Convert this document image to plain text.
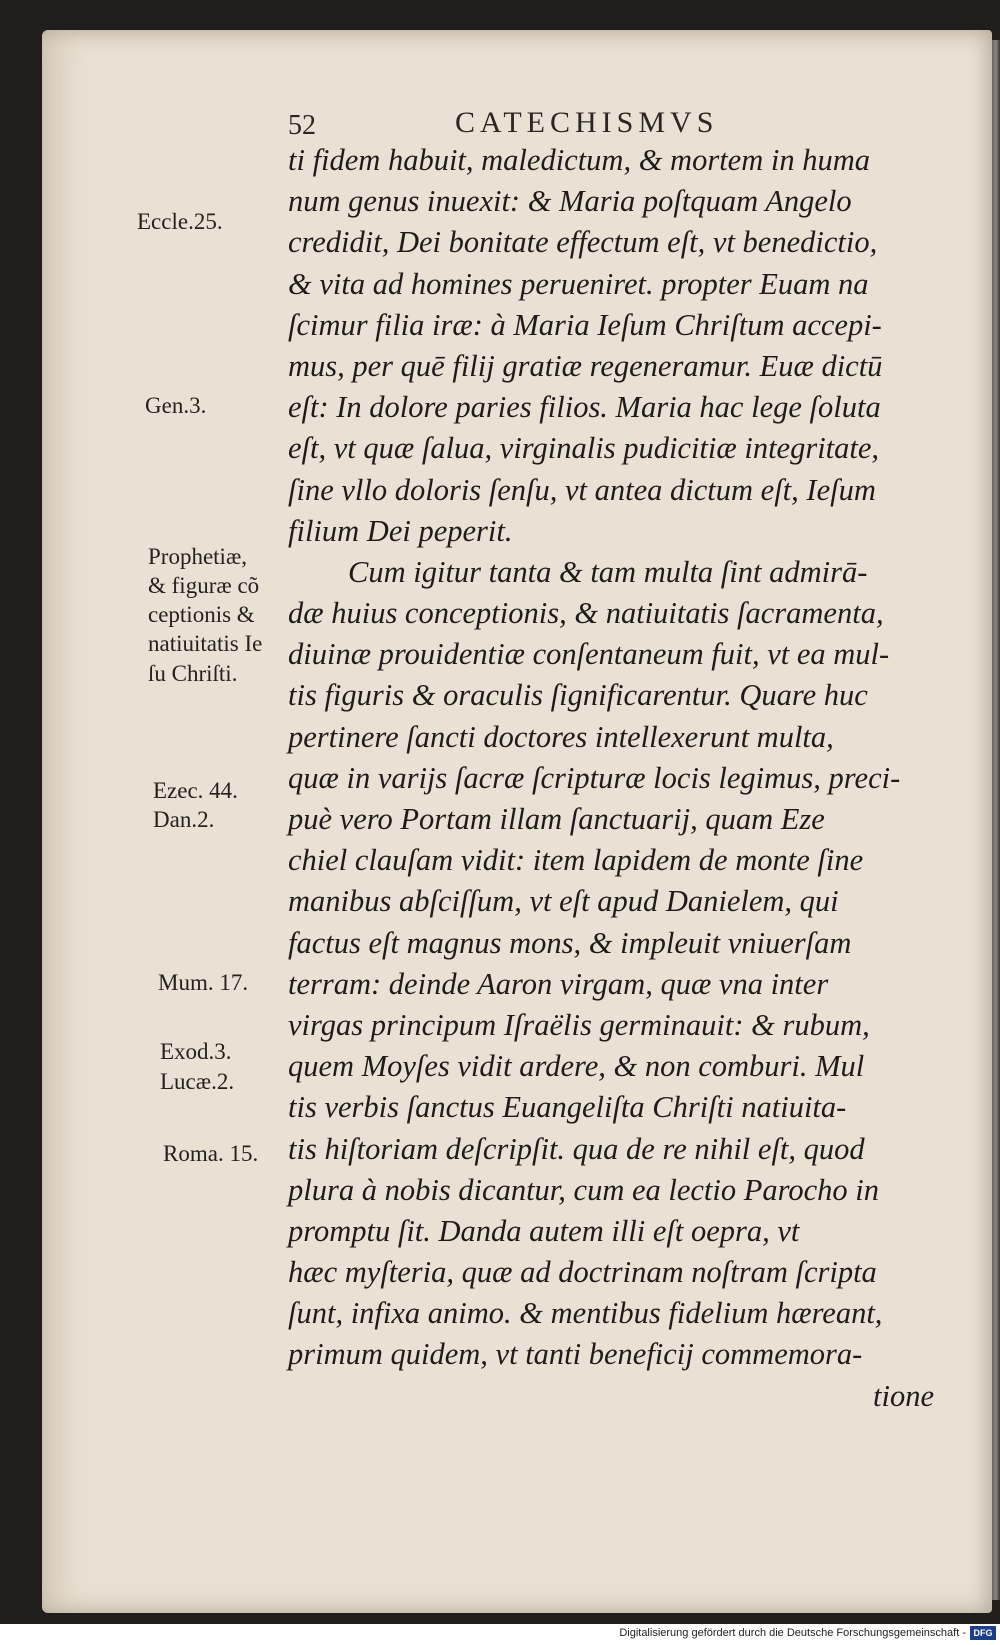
52	CATECHISMVS
Eccle.25.
Gen.3.
Prophetiæ,
& figuræ cõ
ceptionis &
natiuitatis Ie
ſu Chriſti.
Ezec. 44.
Dan.2.
Mum. 17.
Exod.3.
Lucæ.2.
Roma. 15.
ti fidem habuit, maledictum, & mortem in huma
num genus inuexit: & Maria poſtquam Angelo
credidit, Dei bonitate effectum eſt, vt benedictio,
& vita ad homines perueniret. propter Euam na
ſcimur filia iræ: à Maria Ieſum Chriſtum accepi-
mus, per quē filij gratiæ regeneramur. Euæ dictū
eſt: In dolore paries filios. Maria hac lege ſoluta
eſt, vt quæ ſalua, virginalis pudicitiæ integritate,
ſine vllo doloris ſenſu, vt antea dictum eſt, Ieſum
filium Dei peperit.
Cum igitur tanta & tam multa ſint admirā-
dæ huius conceptionis, & natiuitatis ſacramenta,
diuinæ prouidentiæ conſentaneum fuit, vt ea mul-
tis figuris & oraculis ſignificarentur. Quare huc
pertinere ſancti doctores intellexerunt multa,
quæ in varijs ſacræ ſcripturæ locis legimus, preci-
puè vero Portam illam ſanctuarij, quam Eze
chiel clauſam vidit: item lapidem de monte ſine
manibus abſciſſum, vt eſt apud Danielem, qui
factus eſt magnus mons, & impleuit vniuerſam
terram: deinde Aaron virgam, quæ vna inter
virgas principum Iſraëlis germinauit: & rubum,
quem Moyſes vidit ardere, & non comburi. Mul
tis verbis ſanctus Euangeliſta Chriſti natiuita-
tis hiſtoriam deſcripſit. qua de re nihil eſt, quod
plura à nobis dicantur, cum ea lectio Parocho in
promptu ſit. Danda autem illi eſt oepra, vt
hæc myſteria, quæ ad doctrinam noſtram ſcripta
ſunt, infixa animo. & mentibus fidelium hæreant,
primum quidem, vt tanti beneficij commemora-
tione
Digitalisierung gefördert durch die Deutsche Forschungsgemeinschaft - DFG
